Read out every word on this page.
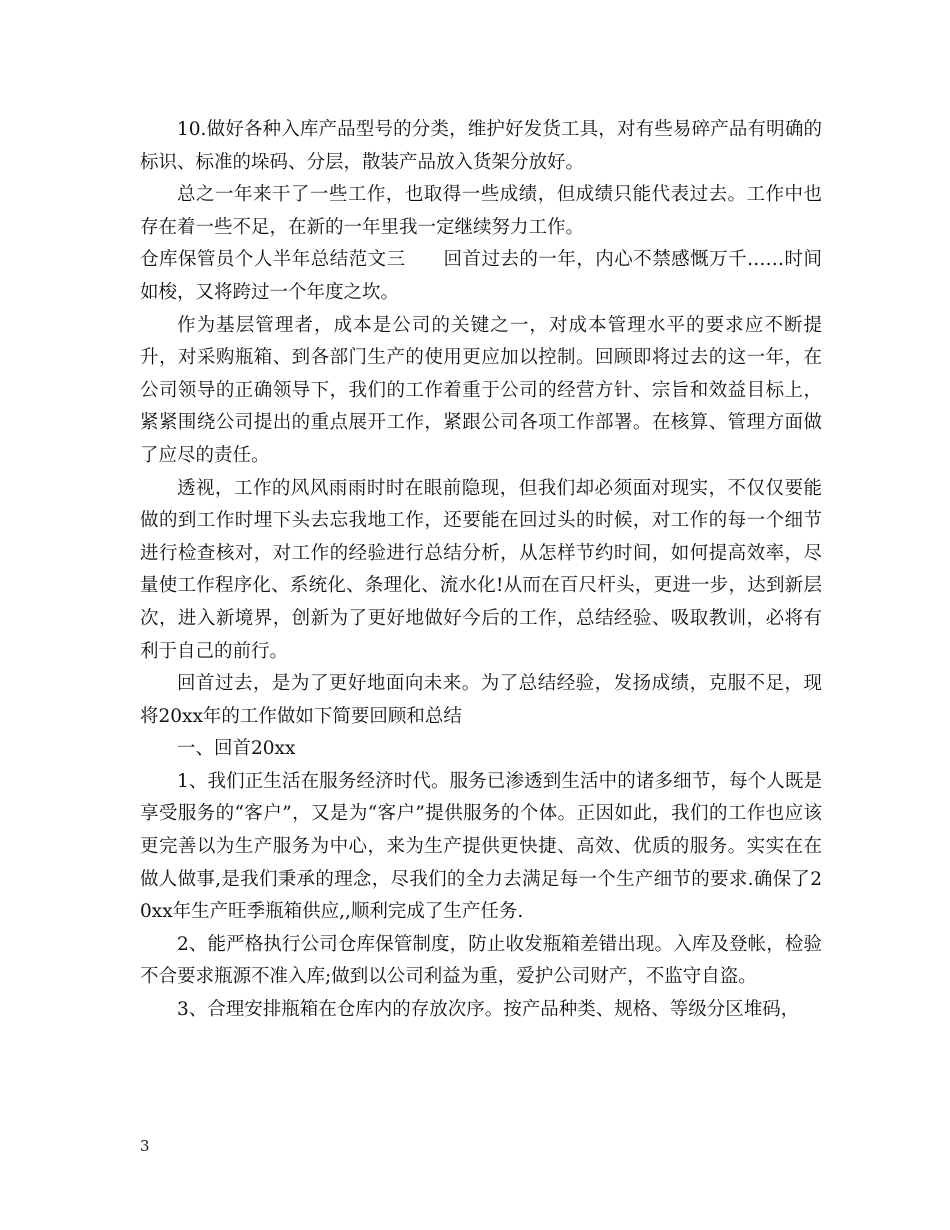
10.做好各种入库产品型号的分类，维护好发货工具，对有些易碎产品有明确的标识、标准的垛码、分层，散装产品放入货架分放好。

总之一年来干了一些工作，也取得一些成绩，但成绩只能代表过去。工作中也存在着一些不足，在新的一年里我一定继续努力工作。

仓库保管员个人半年总结范文三　　回首过去的一年，内心不禁感慨万千……时间如梭，又将跨过一个年度之坎。

作为基层管理者，成本是公司的关键之一，对成本管理水平的要求应不断提升，对采购瓶箱、到各部门生产的使用更应加以控制。回顾即将过去的这一年，在公司领导的正确领导下，我们的工作着重于公司的经营方针、宗旨和效益目标上，紧紧围绕公司提出的重点展开工作，紧跟公司各项工作部署。在核算、管理方面做了应尽的责任。

透视，工作的风风雨雨时时在眼前隐现，但我们却必须面对现实，不仅仅要能做的到工作时埋下头去忘我地工作，还要能在回过头的时候，对工作的每一个细节进行检查核对，对工作的经验进行总结分析，从怎样节约时间，如何提高效率，尽量使工作程序化、系统化、条理化、流水化!从而在百尺杆头，更进一步，达到新层次，进入新境界，创新为了更好地做好今后的工作，总结经验、吸取教训，必将有利于自己的前行。

回首过去，是为了更好地面向未来。为了总结经验，发扬成绩，克服不足，现将20xx年的工作做如下简要回顾和总结

一、回首20xx

1、我们正生活在服务经济时代。服务已渗透到生活中的诸多细节，每个人既是享受服务的“客户”，又是为“客户”提供服务的个体。正因如此，我们的工作也应该更完善以为生产服务为中心，来为生产提供更快捷、高效、优质的服务。实实在在做人做事,是我们秉承的理念，尽我们的全力去满足每一个生产细节的要求.确保了20xx年生产旺季瓶箱供应,,顺利完成了生产任务.

2、能严格执行公司仓库保管制度，防止收发瓶箱差错出现。入库及登帐，检验不合要求瓶源不准入库;做到以公司利益为重，爱护公司财产，不监守自盗。

3、合理安排瓶箱在仓库内的存放次序。按产品种类、规格、等级分区堆码，

3
